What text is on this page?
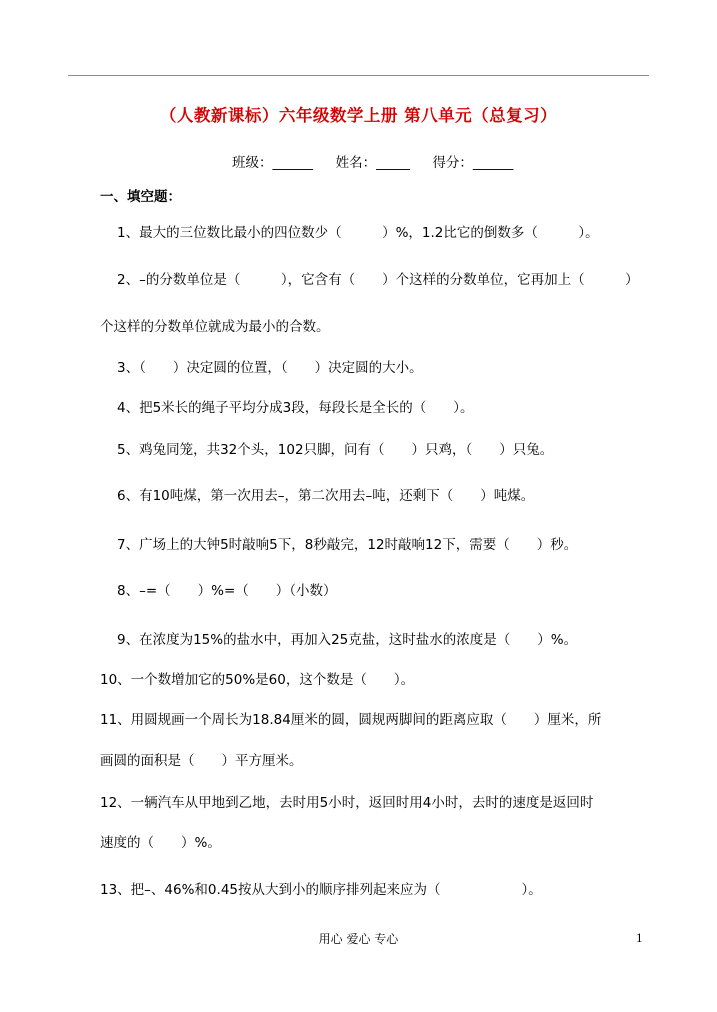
（人教新课标）六年级数学上册 第八单元（总复习）
班级：______ 姓名：_____ 得分：______
一、填空题：
1、最大的三位数比最小的四位数少（　　　）%，1.2比它的倒数多（　　　）。
2、–的分数单位是（　　　），它含有（　　）个这样的分数单位，它再加上（　　　）
个这样的分数单位就成为最小的合数。
3、（　　）决定圆的位置，（　　）决定圆的大小。
4、把5米长的绳子平均分成3段，每段长是全长的（　　）。
5、鸡兔同笼，共32个头，102只脚，问有（　　）只鸡，（　　）只兔。
6、有10吨煤，第一次用去–，第二次用去–吨，还剩下（　　）吨煤。
7、广场上的大钟5时敲响5下，8秒敲完，12时敲响12下，需要（　　）秒。
8、–=（　　）%=（　　）（小数）
9、在浓度为15%的盐水中，再加入25克盐，这时盐水的浓度是（　　）%。
10、一个数增加它的50%是60，这个数是（　　）。
11、用圆规画一个周长为18.84厘米的圆，圆规两脚间的距离应取（　　）厘米，所
画圆的面积是（　　）平方厘米。
12、一辆汽车从甲地到乙地，去时用5小时，返回时用4小时，去时的速度是返回时
速度的（　　）%。
13、把–、46%和0.45按从大到小的顺序排列起来应为（　　　　　　）。
用心 爱心 专心	1
